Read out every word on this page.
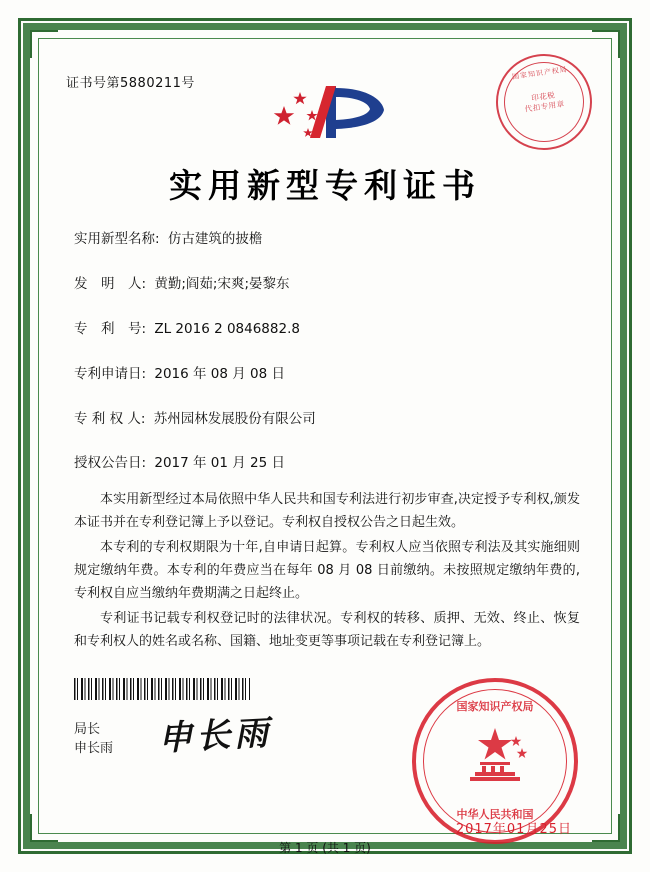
证书号第5880211号
国家知识产权局
印花税
代扣专用章
实用新型专利证书
实用新型名称: 仿古建筑的披檐
发　明　人: 黄勤;阎茹;宋爽;晏黎东
专　利　号: ZL 2016 2 0846882.8
专利申请日: 2016 年 08 月 08 日
专 利 权 人: 苏州园林发展股份有限公司
授权公告日: 2017 年 01 月 25 日

本实用新型经过本局依照中华人民共和国专利法进行初步审查,决定授予专利权,颁发本证书并在专利登记簿上予以登记。专利权自授权公告之日起生效。

本专利的专利权期限为十年,自申请日起算。专利权人应当依照专利法及其实施细则规定缴纳年费。本专利的年费应当在每年 08 月 08 日前缴纳。未按照规定缴纳年费的,专利权自应当缴纳年费期满之日起终止。

专利证书记载专利权登记时的法律状况。专利权的转移、质押、无效、终止、恢复和专利权人的姓名或名称、国籍、地址变更等事项记载在专利登记簿上。

局长
申长雨 申长雨
国家知识产权局
中华人民共和国
2017年01月25日
第 1 页 (共 1 页)
